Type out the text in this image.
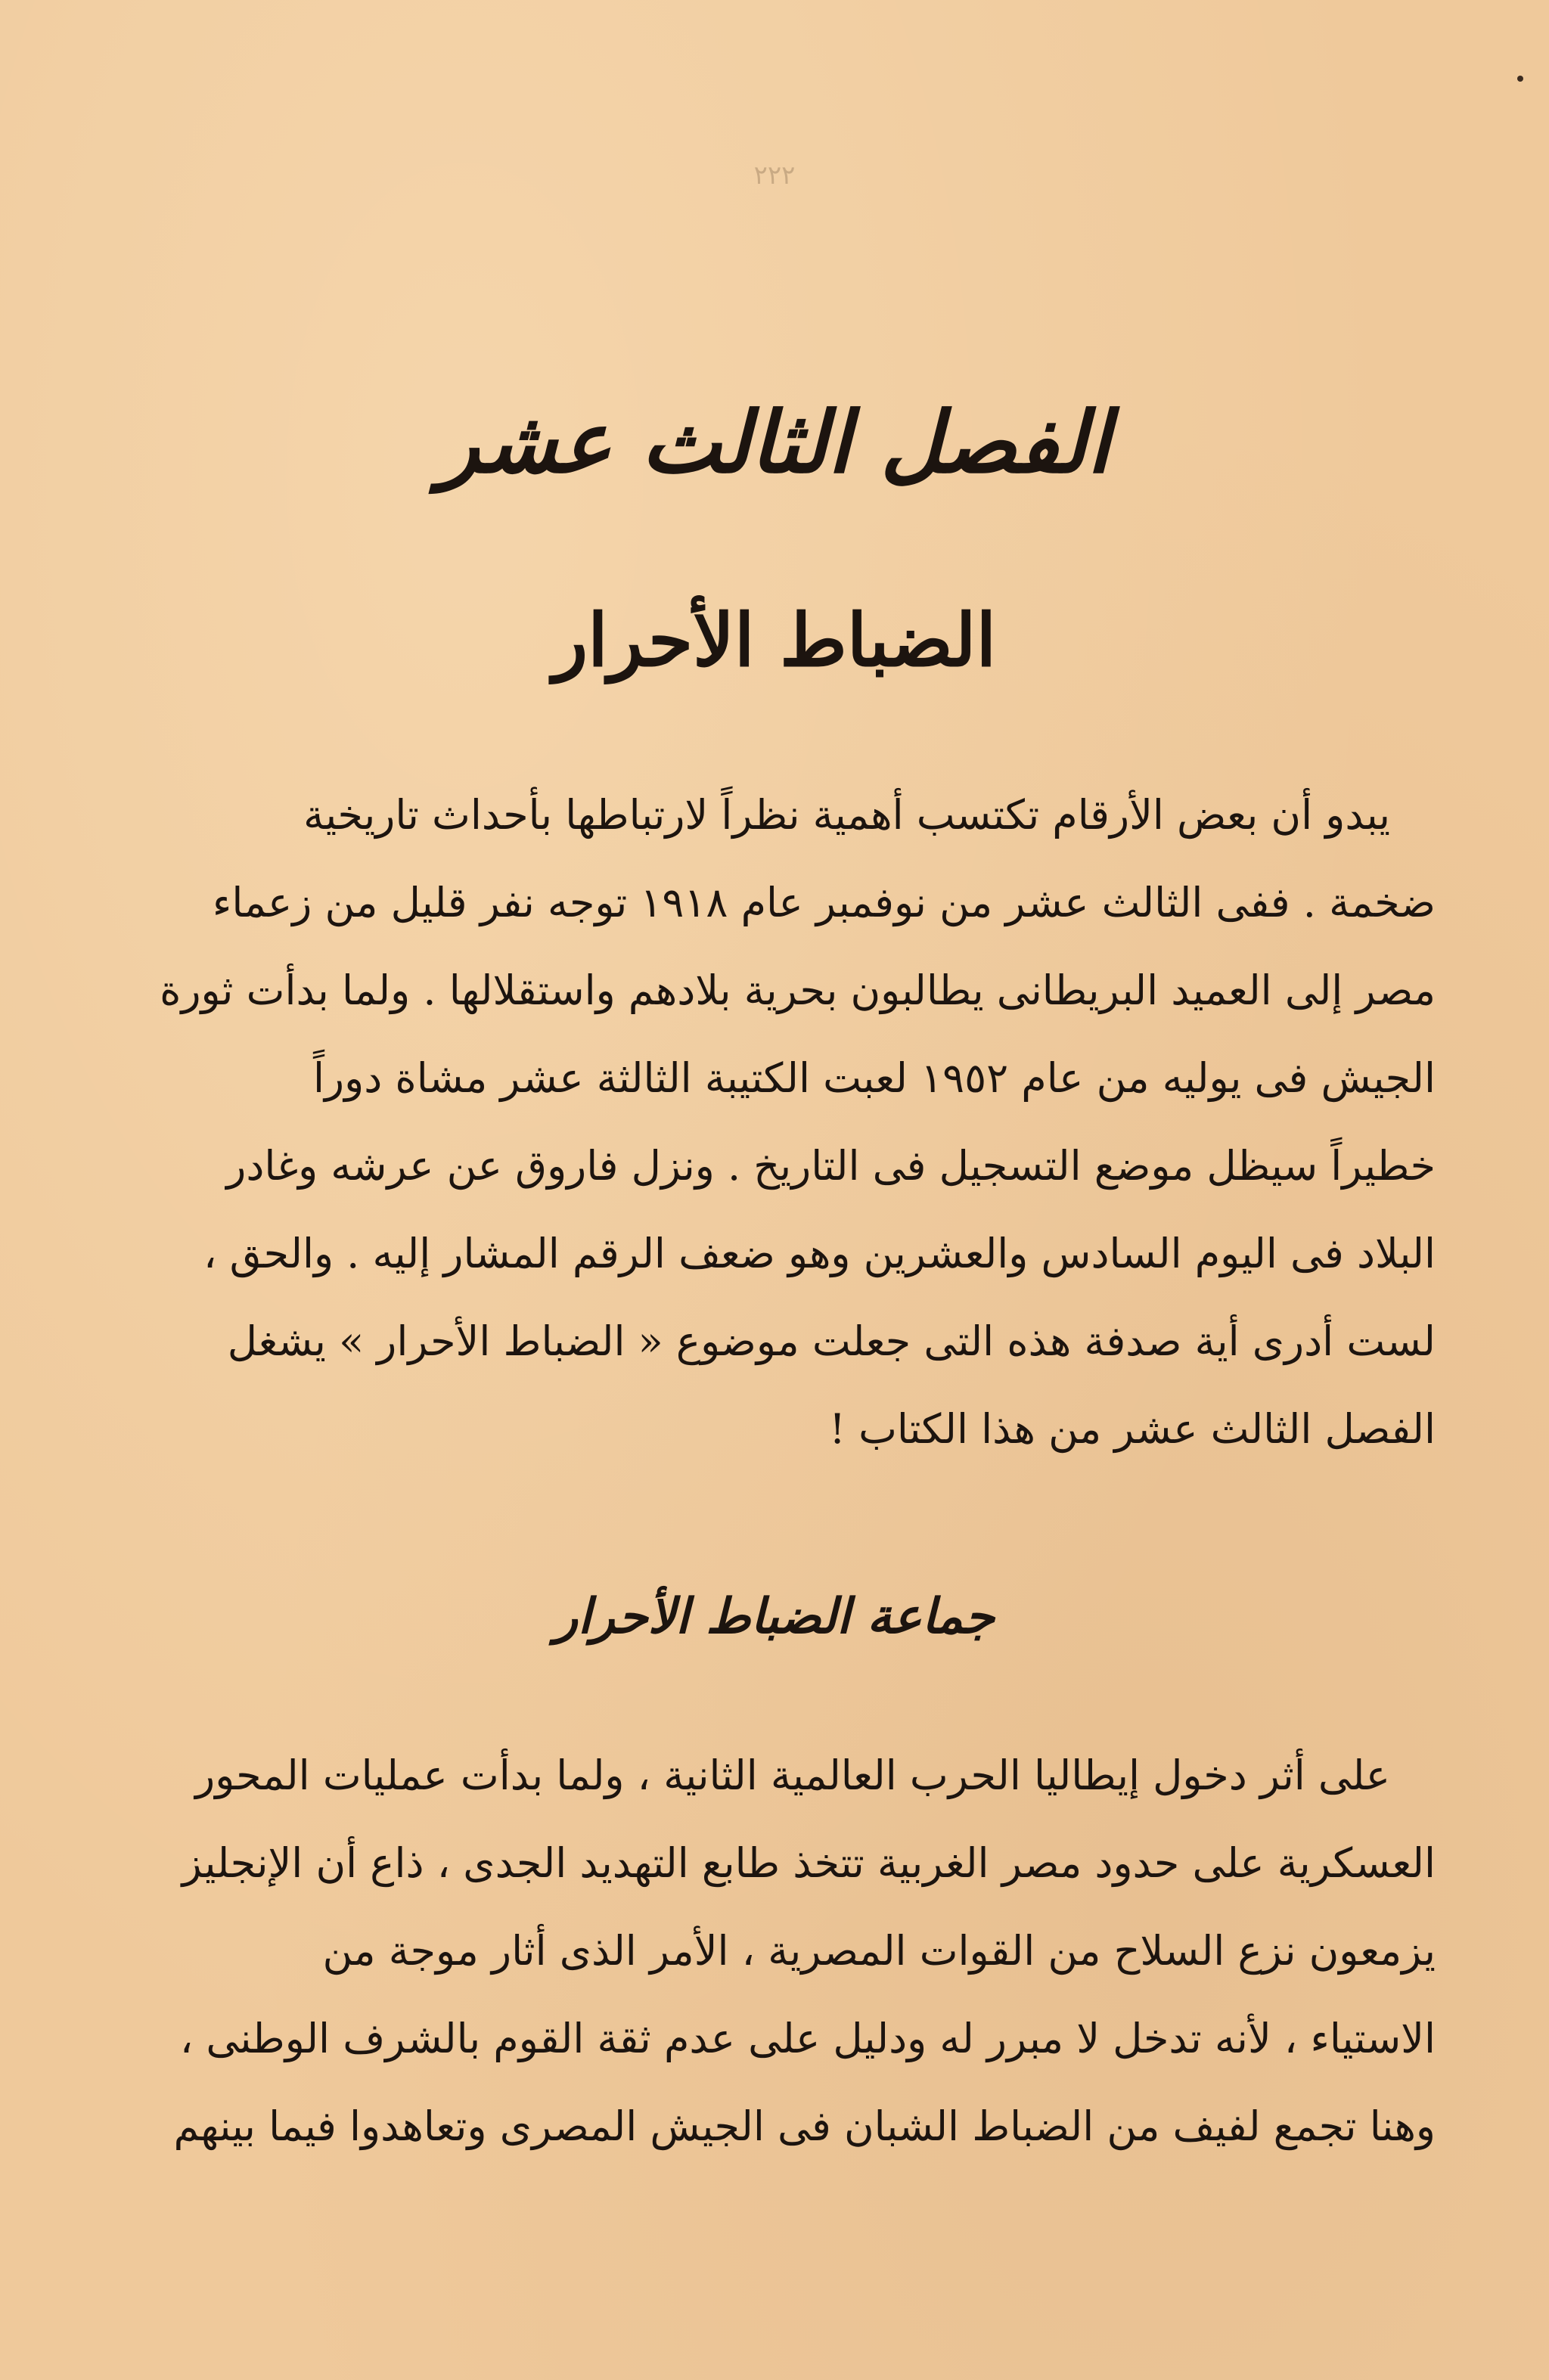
٢٢٢
الفصل الثالث عشر
الضباط الأحرار
يبدو أن بعض الأرقام تكتسب أهمية نظراً لارتباطها بأحداث تاريخية
ضخمة . ففى الثالث عشر من نوفمبر عام ١٩١٨ توجه نفر قليل من زعماء
مصر إلى العميد البريطانى يطالبون بحرية بلادهم واستقلالها . ولما بدأت ثورة
الجيش فى يوليه من عام ١٩٥٢ لعبت الكتيبة الثالثة عشر مشاة دوراً
خطيراً سيظل موضع التسجيل فى التاريخ . ونزل فاروق عن عرشه وغادر
البلاد فى اليوم السادس والعشرين وهو ضعف الرقم المشار إليه . والحق ،
لست أدرى أية صدفة هذه التى جعلت موضوع « الضباط الأحرار » يشغل
الفصل الثالث عشر من هذا الكتاب !
جماعة الضباط الأحرار
على أثر دخول إيطاليا الحرب العالمية الثانية ، ولما بدأت عمليات المحور
العسكرية على حدود مصر الغربية تتخذ طابع التهديد الجدى ، ذاع أن الإنجليز
يزمعون نزع السلاح من القوات المصرية ، الأمر الذى أثار موجة من
الاستياء ، لأنه تدخل لا مبرر له ودليل على عدم ثقة القوم بالشرف الوطنى ،
وهنا تجمع لفيف من الضباط الشبان فى الجيش المصرى وتعاهدوا فيما بينهم
